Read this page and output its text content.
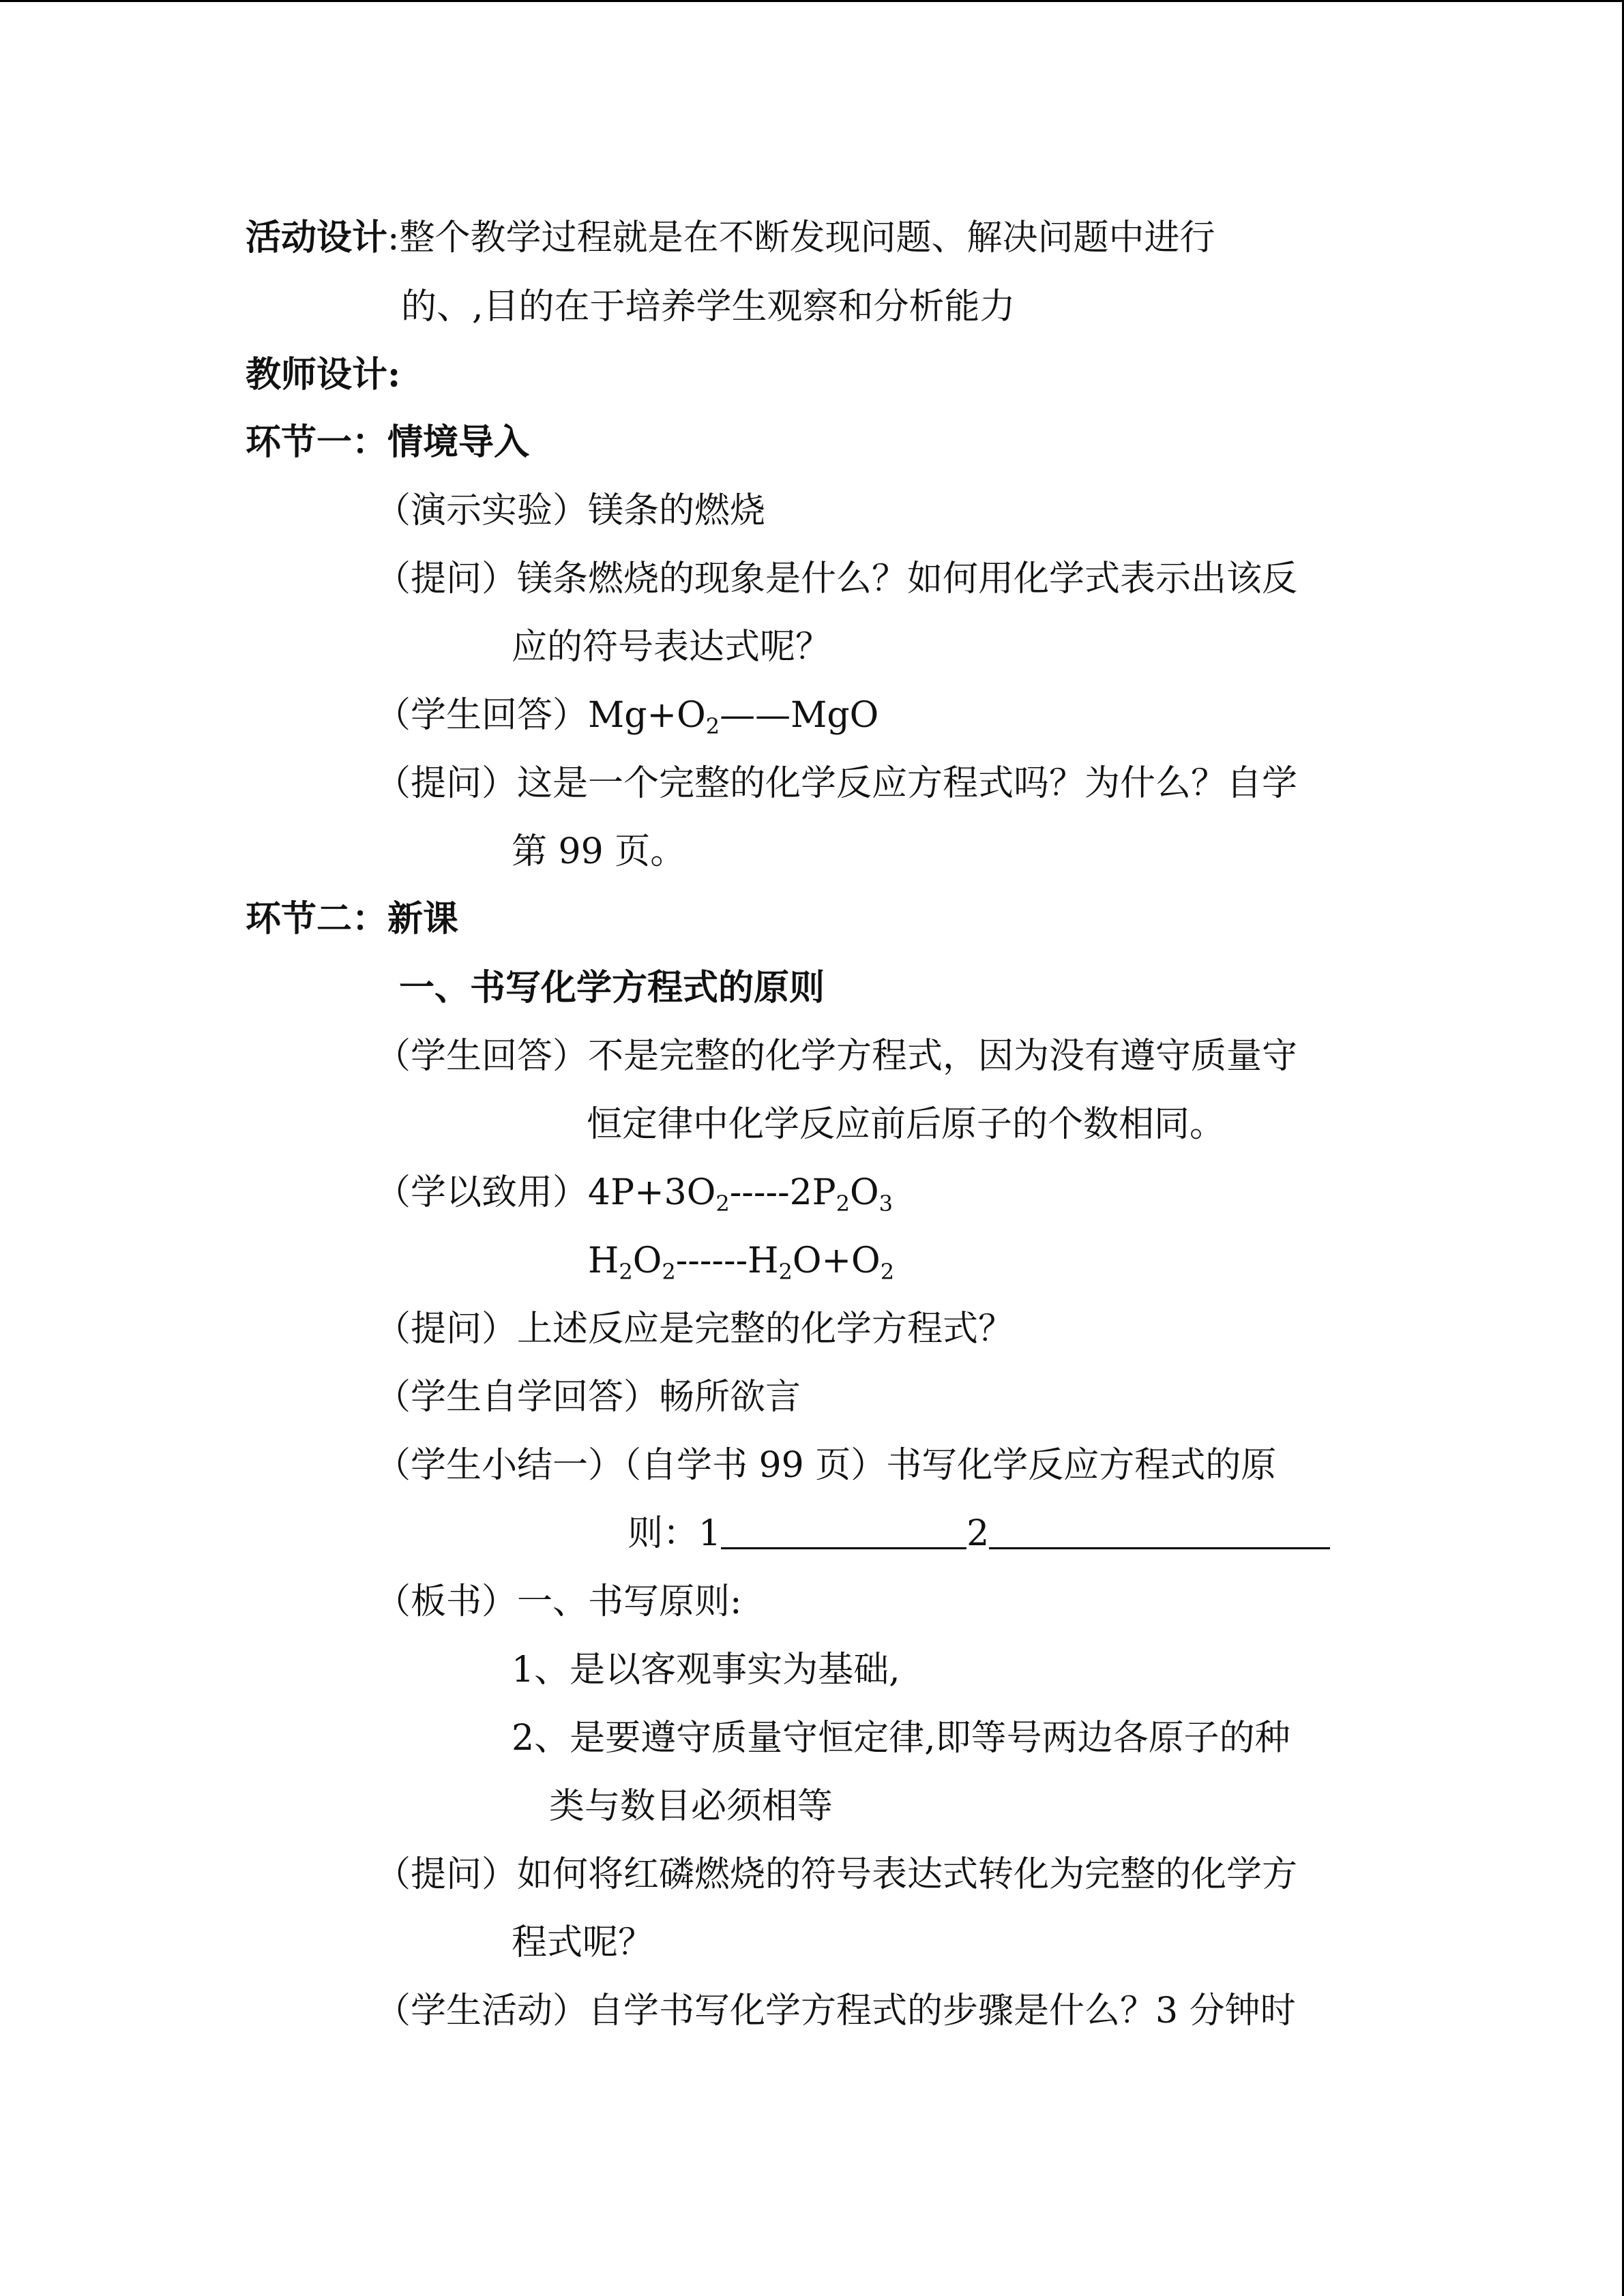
活动设计:整个教学过程就是在不断发现问题、解决问题中进行
的、,目的在于培养学生观察和分析能力
教师设计:
环节一：情境导入
（演示实验）镁条的燃烧
（提问）镁条燃烧的现象是什么？如何用化学式表示出该反
应的符号表达式呢？
（学生回答）$Mg+O_2——MgO$
（提问）这是一个完整的化学反应方程式吗？为什么？自学
第 99 页。
环节二：新课
一、书写化学方程式的原则
（学生回答）不是完整的化学方程式，因为没有遵守质量守
恒定律中化学反应前后原子的个数相同。
（学以致用）$4P+3O_2-----2P_2O_3$
$H_2O_2------H_2O+O_2$
（提问）上述反应是完整的化学方程式？
（学生自学回答）畅所欲言
（学生小结一）（自学书 99 页）书写化学反应方程式的原
则：1	2
（板书）一、书写原则:
1、是以客观事实为基础,
2、是要遵守质量守恒定律,即等号两边各原子的种
类与数目必须相等
（提问）如何将红磷燃烧的符号表达式转化为完整的化学方
程式呢？
（学生活动）自学书写化学方程式的步骤是什么？3 分钟时
